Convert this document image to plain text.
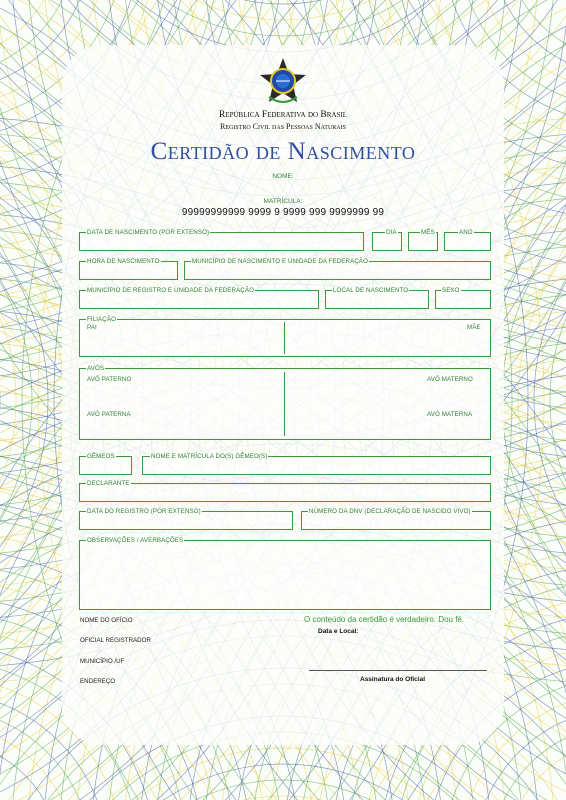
República Federativa do Brasil
Registro Civil das Pessoas Naturais
Certidão de Nascimento
NOME:
MATRÍCULA:
99999999999 9999 9 9999 999 9999999 99
DATA DE NASCIMENTO (POR EXTENSO)	DIA	MÊS	ANO
HORA DE NASCIMENTO	MUNICÍPIO DE NASCIMENTO E UNIDADE DA FEDERAÇÃO
MUNICÍPIO DE REGISTRO E UNIDADE DA FEDERAÇÃO	LOCAL DE NASCIMENTO	SEXO
FILIAÇÃO
PAI	MÃE
AVÓS
AVÔ PATERNO	AVÔ MATERNO
AVÓ PATERNA	AVÓ MATERNA
GÊMEOS	NOME E MATRÍCULA DO(S) GÊMEO(S)
DECLARANTE
DATA DO REGISTRO (POR EXTENSO)	NÚMERO DA DNV (DECLARAÇÃO DE NASCIDO VIVO)
OBSERVAÇÕES / AVERBAÇÕES
NOME DO OFÍCIO
OFICIAL REGISTRADOR
MUNICÍPIO /UF
ENDEREÇO
O conteúdo da certidão é verdadeiro. Dou fé.
Data e Local:
Assinatura do Oficial
